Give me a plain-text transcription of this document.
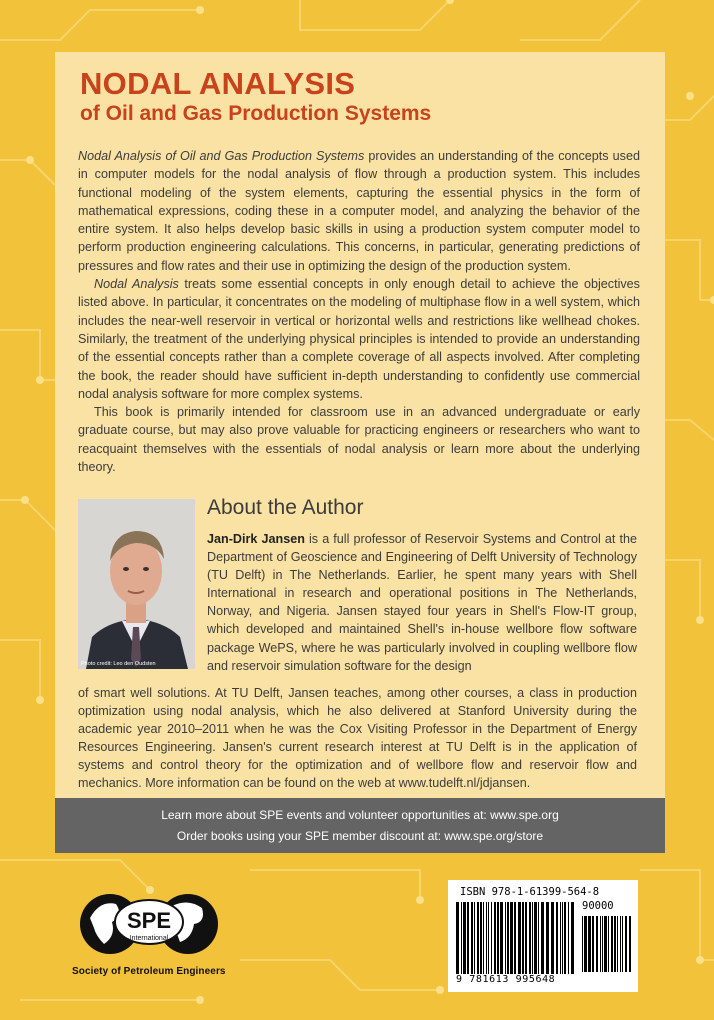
NODAL ANALYSIS
of Oil and Gas Production Systems

Nodal Analysis of Oil and Gas Production Systems provides an understanding of the concepts used in computer models for the nodal analysis of flow through a production system. This includes functional modeling of the system elements, capturing the essential physics in the form of mathematical expressions, coding these in a computer model, and analyzing the behavior of the entire system. It also helps develop basic skills in using a production system computer model to perform production engineering calculations. This concerns, in particular, generating predictions of pressures and flow rates and their use in optimizing the design of the production system.

Nodal Analysis treats some essential concepts in only enough detail to achieve the objectives listed above. In particular, it concentrates on the modeling of multiphase flow in a well system, which includes the near-well reservoir in vertical or horizontal wells and restrictions like wellhead chokes. Similarly, the treatment of the underlying physical principles is intended to provide an understanding of the essential concepts rather than a complete coverage of all aspects involved. After completing the book, the reader should have sufficient in-depth understanding to confidently use commercial nodal analysis software for more complex systems.

This book is primarily intended for classroom use in an advanced undergraduate or early graduate course, but may also prove valuable for practicing engineers or researchers who want to reacquaint themselves with the essentials of nodal analysis or learn more about the underlying theory.

Photo credit: Leo den Oudsten

About the Author

Jan-Dirk Jansen is a full professor of Reservoir Systems and Control at the Department of Geoscience and Engineering of Delft University of Technology (TU Delft) in The Netherlands. Earlier, he spent many years with Shell International in research and operational positions in The Netherlands, Norway, and Nigeria. Jansen stayed four years in Shell's Flow-IT group, which developed and maintained Shell's in-house wellbore flow software package WePS, where he was particularly involved in coupling wellbore flow and reservoir simulation software for the design

of smart well solutions. At TU Delft, Jansen teaches, among other courses, a class in production optimization using nodal analysis, which he also delivered at Stanford University during the academic year 2010–2011 when he was the Cox Visiting Professor in the Department of Energy Resources Engineering. Jansen's current research interest at TU Delft is in the application of systems and control theory for the optimization and of wellbore flow and reservoir flow and mechanics. More information can be found on the web at www.tudelft.nl/jdjansen.

Learn more about SPE events and volunteer opportunities at: www.spe.org

Order books using your SPE member discount at: www.spe.org/store

SPE
International

Society of Petroleum Engineers

ISBN 978-1-61399-564-8

90000

9 781613 995648
